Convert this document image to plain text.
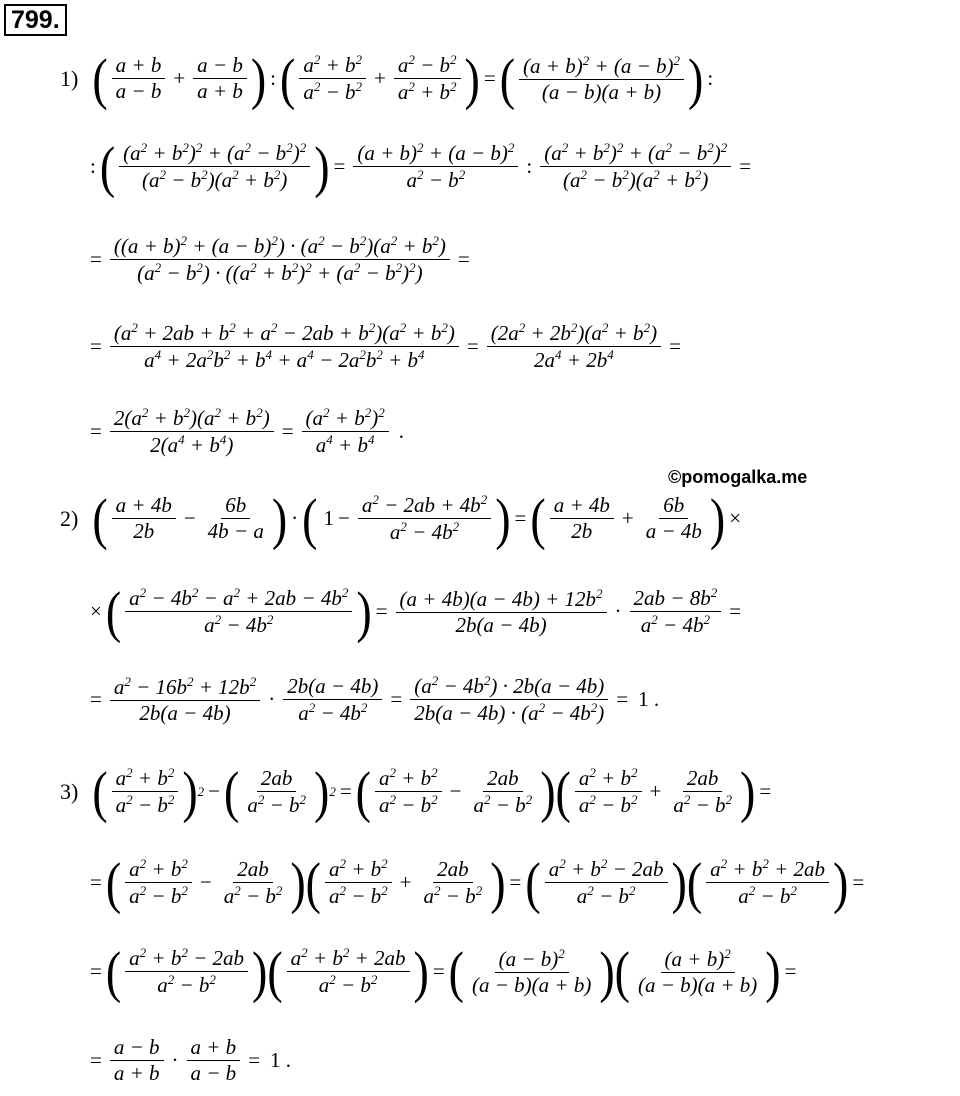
799.
©pomogalka.me
1) ( $\frac{a + b}{a - b} + \frac{a - b}{a + b}$ ) : ( $\frac{a^2 + b^2}{a^2 - b^2} + \frac{a^2 - b^2}{a^2 + b^2}$ ) = ( $\frac{(a + b)^2 + (a - b)^2}{(a - b)(a + b)}$ ) :
: ( $\frac{(a^2 + b^2)^2 + (a^2 - b^2)^2}{(a^2 - b^2)(a^2 + b^2)}$ ) = $\frac{(a + b)^2 + (a - b)^2}{a^2 - b^2}$ : $\frac{(a^2 + b^2)^2 + (a^2 - b^2)^2}{(a^2 - b^2)(a^2 + b^2)}$ =
= $\frac{((a + b)^2 + (a - b)^2) \cdot (a^2 - b^2)(a^2 + b^2)}{(a^2 - b^2) \cdot ((a^2 + b^2)^2 + (a^2 - b^2)^2)}$ =
= $\frac{(a^2 + 2ab + b^2 + a^2 - 2ab + b^2)(a^2 + b^2)}{a^4 + 2a^2b^2 + b^4 + a^4 - 2a^2b^2 + b^4} = \frac{(2a^2 + 2b^2)(a^2 + b^2)}{2a^4 + 2b^4}$ =
= $\frac{2(a^2 + b^2)(a^2 + b^2)}{2(a^4 + b^4)} = \frac{(a^2 + b^2)^2}{a^4 + b^4}$ .
2) ( $\frac{a + 4b}{2b} - \frac{6b}{4b - a}$ ) · ( $1 - \frac{a^2 - 2ab + 4b^2}{a^2 - 4b^2}$ ) = ( $\frac{a + 4b}{2b} + \frac{6b}{a - 4b}$ ) ×
× ( $\frac{a^2 - 4b^2 - a^2 + 2ab - 4b^2}{a^2 - 4b^2}$ ) = $\frac{(a + 4b)(a - 4b) + 12b^2}{2b(a - 4b)} \cdot \frac{2ab - 8b^2}{a^2 - 4b^2}$ =
= $\frac{a^2 - 16b^2 + 12b^2}{2b(a - 4b)} \cdot \frac{2b(a - 4b)}{a^2 - 4b^2} = \frac{(a^2 - 4b^2) \cdot 2b(a - 4b)}{2b(a - 4b) \cdot (a^2 - 4b^2)} = 1$ .
3) ( $\frac{a^2 + b^2}{a^2 - b^2}$ ) 2 − ( $\frac{2ab}{a^2 - b^2}$ ) 2 = ( $\frac{a^2 + b^2}{a^2 - b^2} - \frac{2ab}{a^2 - b^2}$ )( $\frac{a^2 + b^2}{a^2 - b^2} + \frac{2ab}{a^2 - b^2}$ ) =
= ( $\frac{a^2 + b^2}{a^2 - b^2} - \frac{2ab}{a^2 - b^2}$ )( $\frac{a^2 + b^2}{a^2 - b^2} + \frac{2ab}{a^2 - b^2}$ ) = ( $\frac{a^2 + b^2 - 2ab}{a^2 - b^2}$ )( $\frac{a^2 + b^2 + 2ab}{a^2 - b^2}$ ) =
= ( $\frac{a^2 + b^2 - 2ab}{a^2 - b^2}$ )( $\frac{a^2 + b^2 + 2ab}{a^2 - b^2}$ ) = ( $\frac{(a - b)^2}{(a - b)(a + b)}$ )( $\frac{(a + b)^2}{(a - b)(a + b)}$ ) =
= $\frac{a - b}{a + b} \cdot \frac{a + b}{a - b} = 1$ .
